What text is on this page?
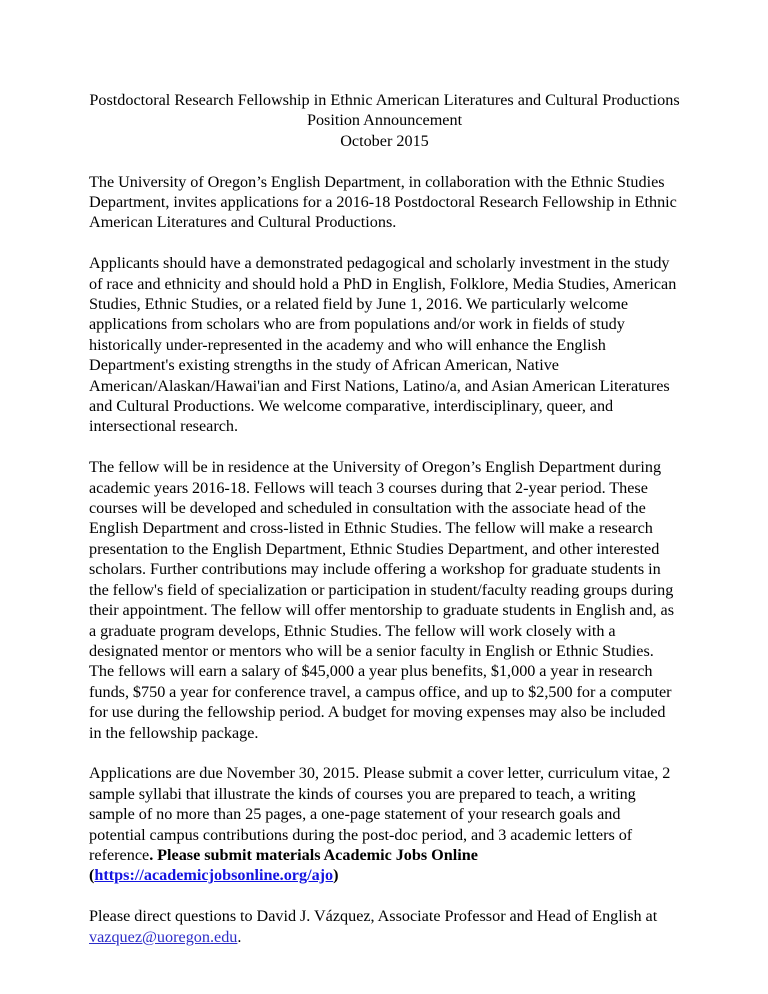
Postdoctoral Research Fellowship in Ethnic American Literatures and Cultural Productions
Position Announcement
October 2015

The University of Oregon’s English Department, in collaboration with the Ethnic Studies Department, invites applications for a 2016-18 Postdoctoral Research Fellowship in Ethnic American Literatures and Cultural Productions.

Applicants should have a demonstrated pedagogical and scholarly investment in the study of race and ethnicity and should hold a PhD in English, Folklore, Media Studies, American Studies, Ethnic Studies, or a related field by June 1, 2016. We particularly welcome applications from scholars who are from populations and/or work in fields of study historically under-represented in the academy and who will enhance the English Department's existing strengths in the study of African American, Native American/Alaskan/Hawai'ian and First Nations, Latino/a, and Asian American Literatures and Cultural Productions. We welcome comparative, interdisciplinary, queer, and intersectional research.

The fellow will be in residence at the University of Oregon’s English Department during academic years 2016-18. Fellows will teach 3 courses during that 2-year period. These courses will be developed and scheduled in consultation with the associate head of the English Department and cross-listed in Ethnic Studies. The fellow will make a research presentation to the English Department, Ethnic Studies Department, and other interested scholars. Further contributions may include offering a workshop for graduate students in the fellow's field of specialization or participation in student/faculty reading groups during their appointment. The fellow will offer mentorship to graduate students in English and, as a graduate program develops, Ethnic Studies. The fellow will work closely with a designated mentor or mentors who will be a senior faculty in English or Ethnic Studies. The fellows will earn a salary of $45,000 a year plus benefits, $1,000 a year in research funds, $750 a year for conference travel, a campus office, and up to $2,500 for a computer for use during the fellowship period. A budget for moving expenses may also be included in the fellowship package.

Applications are due November 30, 2015. Please submit a cover letter, curriculum vitae, 2 sample syllabi that illustrate the kinds of courses you are prepared to teach, a writing sample of no more than 25 pages, a one-page statement of your research goals and potential campus contributions during the post-doc period, and 3 academic letters of reference. Please submit materials Academic Jobs Online (https://academicjobsonline.org/ajo)

Please direct questions to David J. Vázquez, Associate Professor and Head of English at vazquez@uoregon.edu.
